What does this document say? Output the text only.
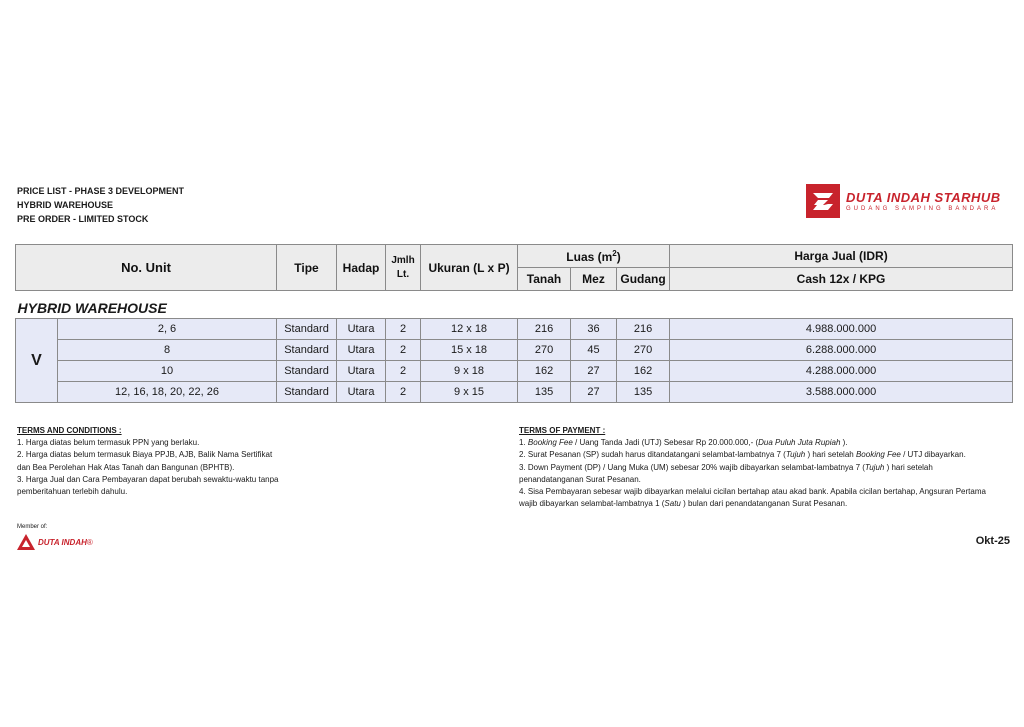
PRICE LIST - PHASE 3 DEVELOPMENT
HYBRID WAREHOUSE
PRE ORDER - LIMITED STOCK
DUTA INDAH STARHUB
GUDANG SAMPING BANDARA
No. Unit		Tipe	Hadap	Jmlh
Lt.	Ukuran (L x P)	Luas $(m^2)$			Harga Jual (IDR)
						Tanah	Mez	Gudang	Cash 12x / KPG
HYBRID WAREHOUSE									
V	2, 6	Standard	Utara	2	12 x 18	216	36	216	4.988.000.000
	8	Standard	Utara	2	15 x 18	270	45	270	6.288.000.000
	10	Standard	Utara	2	9 x 18	162	27	162	4.288.000.000
	12, 16, 18, 20, 22, 26	Standard	Utara	2	9 x 15	135	27	135	3.588.000.000
TERMS AND CONDITIONS :
1. Harga diatas belum termasuk PPN yang berlaku.
2. Harga diatas belum termasuk Biaya PPJB, AJB, Balik Nama Sertifikat
dan Bea Perolehan Hak Atas Tanah dan Bangunan (BPHTB).
3. Harga Jual dan Cara Pembayaran dapat berubah sewaktu-waktu tanpa
pemberitahuan terlebih dahulu.
TERMS OF PAYMENT :
1. Booking Fee / Uang Tanda Jadi (UTJ) Sebesar Rp 20.000.000,- (Dua Puluh Juta Rupiah ).
2. Surat Pesanan (SP) sudah harus ditandatangani selambat-lambatnya 7 (Tujuh ) hari setelah Booking Fee / UTJ dibayarkan.
3. Down Payment (DP) / Uang Muka (UM) sebesar 20% wajib dibayarkan selambat-lambatnya 7 (Tujuh ) hari setelah
penandatanganan Surat Pesanan.
4. Sisa Pembayaran sebesar wajib dibayarkan melalui cicilan bertahap atau akad bank. Apabila cicilan bertahap, Angsuran Pertama
wajib dibayarkan selambat-lambatnya 1 (Satu ) bulan dari penandatanganan Surat Pesanan.
Member of:
DUTA INDAH ®	Okt-25
